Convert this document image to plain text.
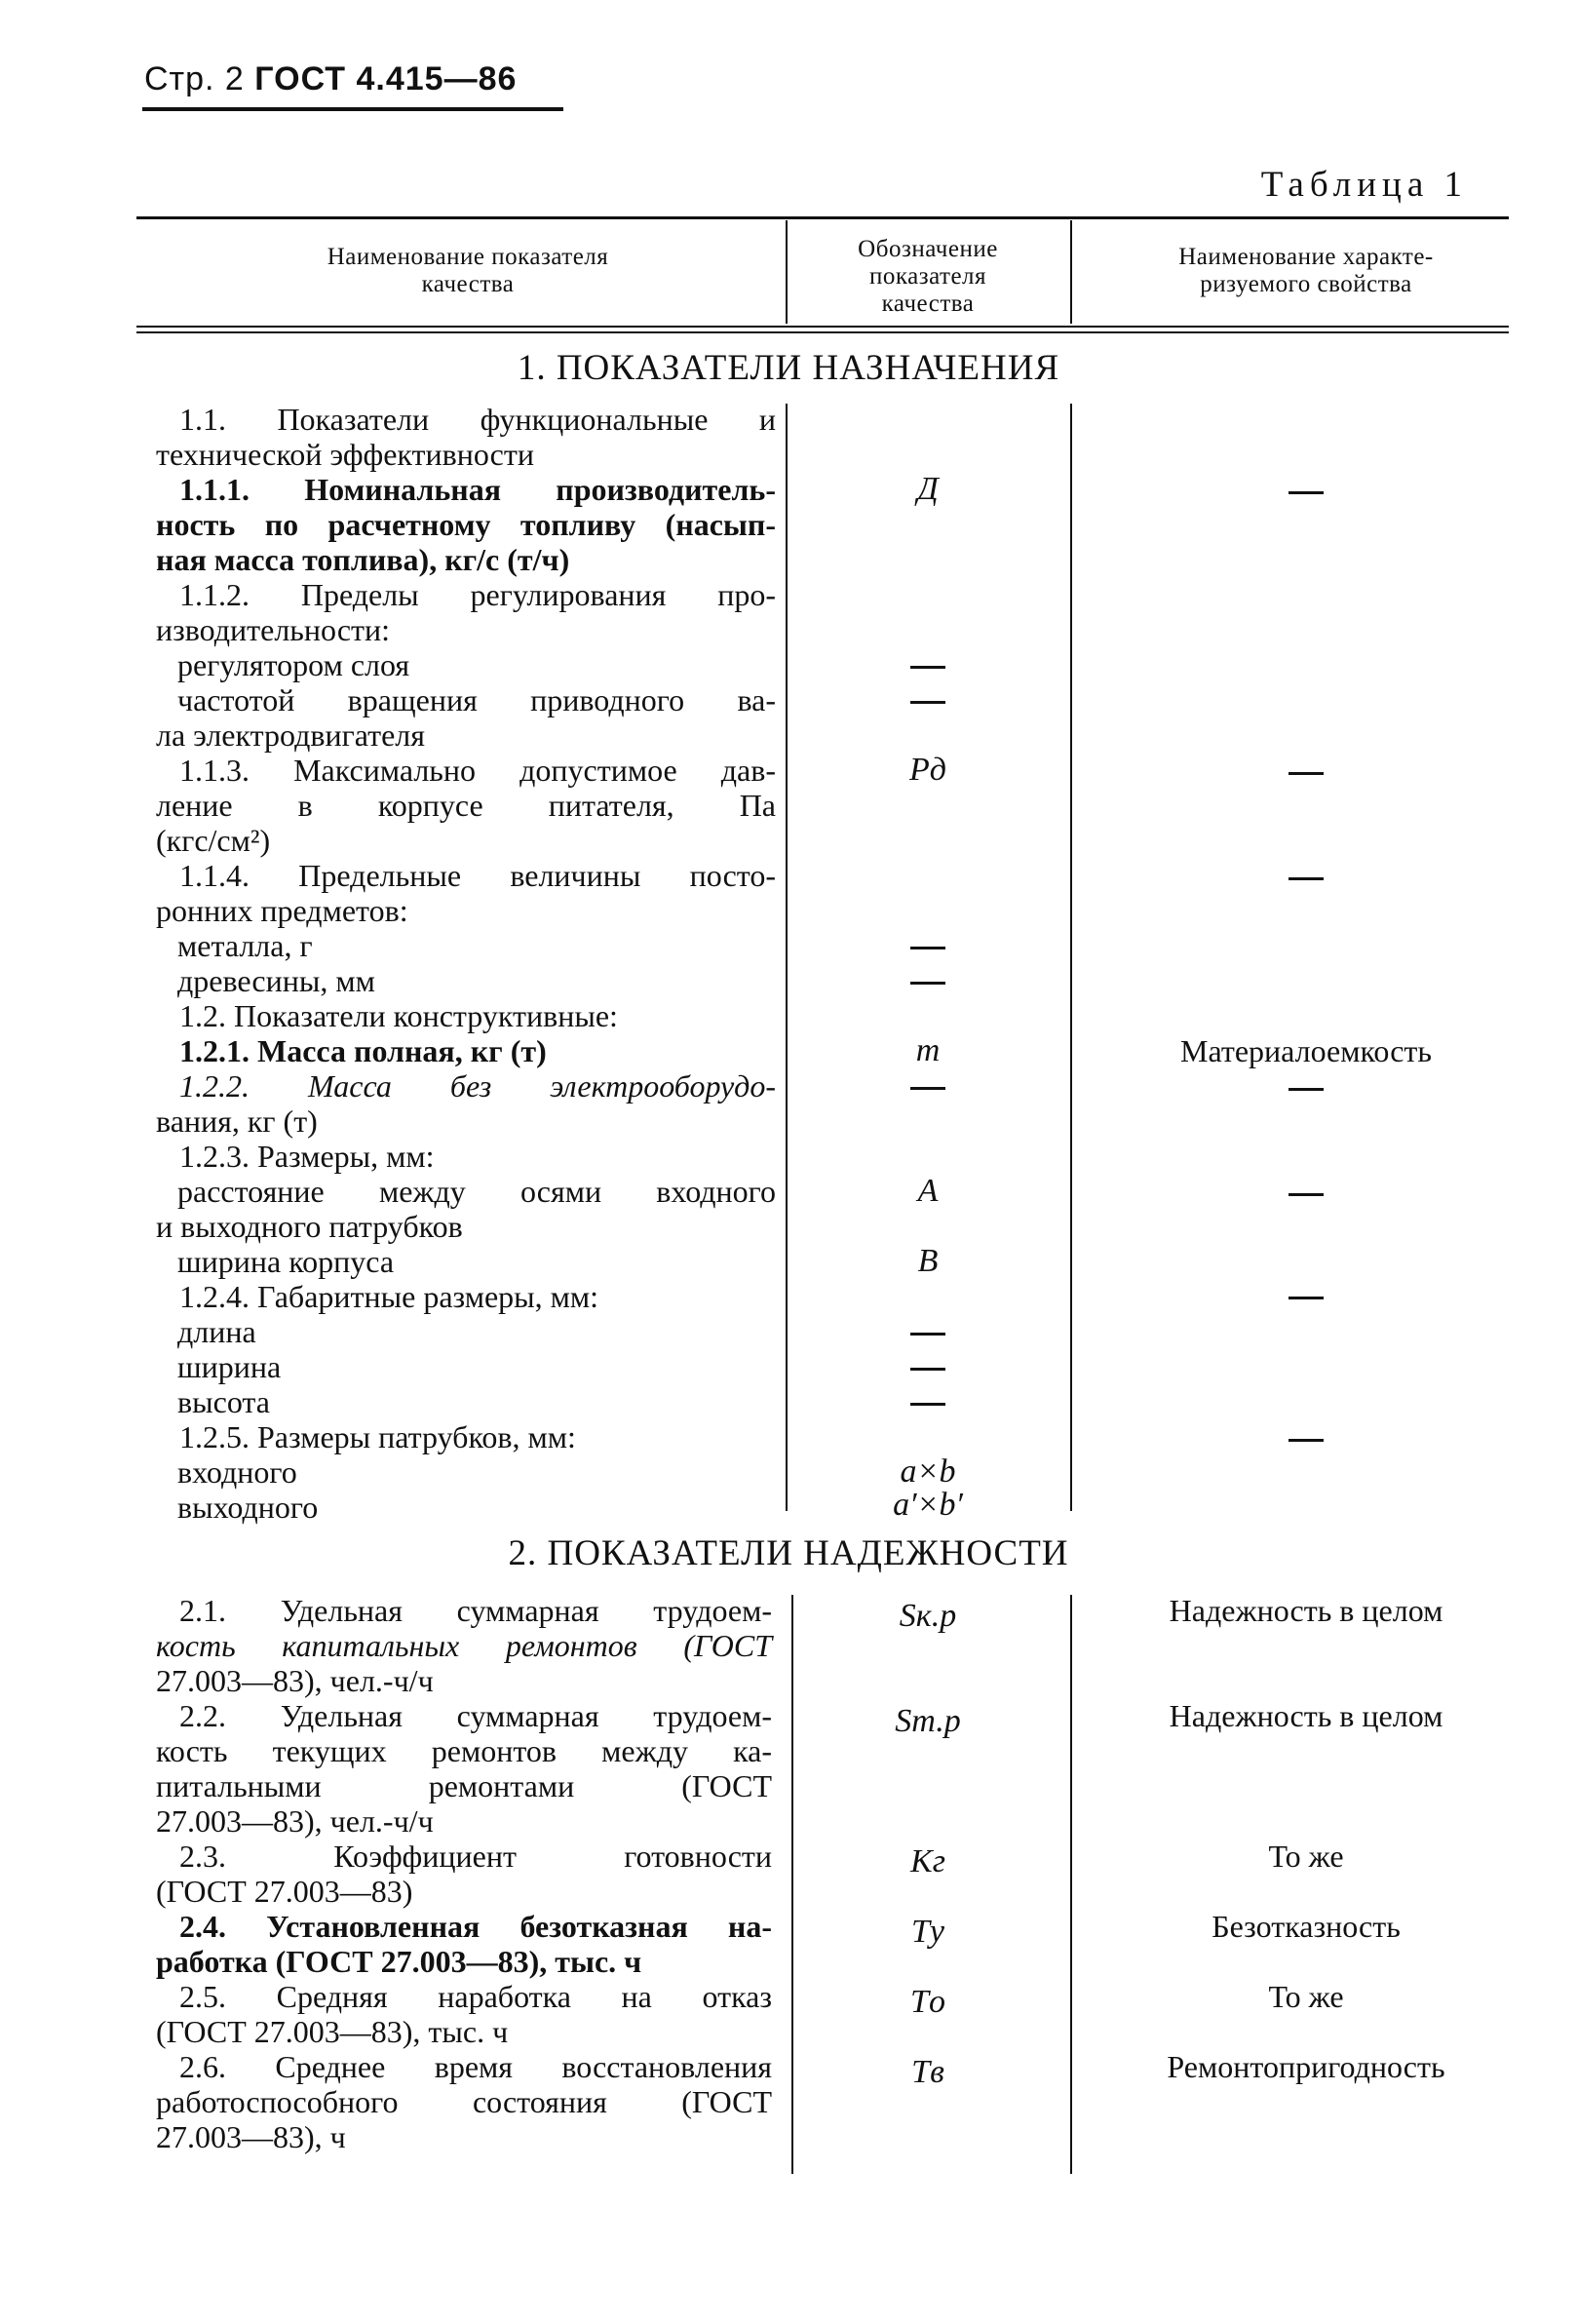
Стр. 2 ГОСТ 4.415—86
Таблица 1
Наименование показателя
качества
Обозначение
показателя
качества
Наименование характе-
ризуемого свойства
1. ПОКАЗАТЕЛИ НАЗНАЧЕНИЯ
1.1. Показатели функциональные и
технической эффективности
1.1.1. Номинальная производитель-
ность по расчетному топливу (насып-
ная масса топлива), кг/с (т/ч)
1.1.2. Пределы регулирования про-
изводительности:
регулятором слоя
частотой вращения приводного ва-
ла электродвигателя
1.1.3. Максимально допустимое дав-
ление в корпусе питателя, Па
(кгс/см²)
1.1.4. Предельные величины посто-
ронних предметов:
металла, г
древесины, мм
1.2. Показатели конструктивные:
1.2.1. Масса полная, кг (т)
1.2.2. Масса без электрооборудо-
вания, кг (т)
1.2.3. Размеры, мм:
расстояние между осями входного
и выходного патрубков
ширина корпуса
1.2.4. Габаритные размеры, мм:
длина
ширина
высота
1.2.5. Размеры патрубков, мм:
входного
выходного
Д
Pд
m
A
B
a×b
a′×b′
Материалоемкость
2. ПОКАЗАТЕЛИ НАДЕЖНОСТИ
2.1. Удельная суммарная трудоем-
кость капитальных ремонтов (ГОСТ
27.003—83), чел.-ч/ч
2.2. Удельная суммарная трудоем-
кость текущих ремонтов между ка-
питальными ремонтами (ГОСТ
27.003—83), чел.-ч/ч
2.3. Коэффициент готовности
(ГОСТ 27.003—83)
2.4. Установленная безотказная на-
работка (ГОСТ 27.003—83), тыс. ч
2.5. Средняя наработка на отказ
(ГОСТ 27.003—83), тыс. ч
2.6. Среднее время восстановления
работоспособного состояния (ГОСТ
27.003—83), ч
Sк.р
Sт.р
Kг
Tу
Tо
Tв
Надежность в целом
Надежность в целом
То же
Безотказность
То же
Ремонтопригодность
